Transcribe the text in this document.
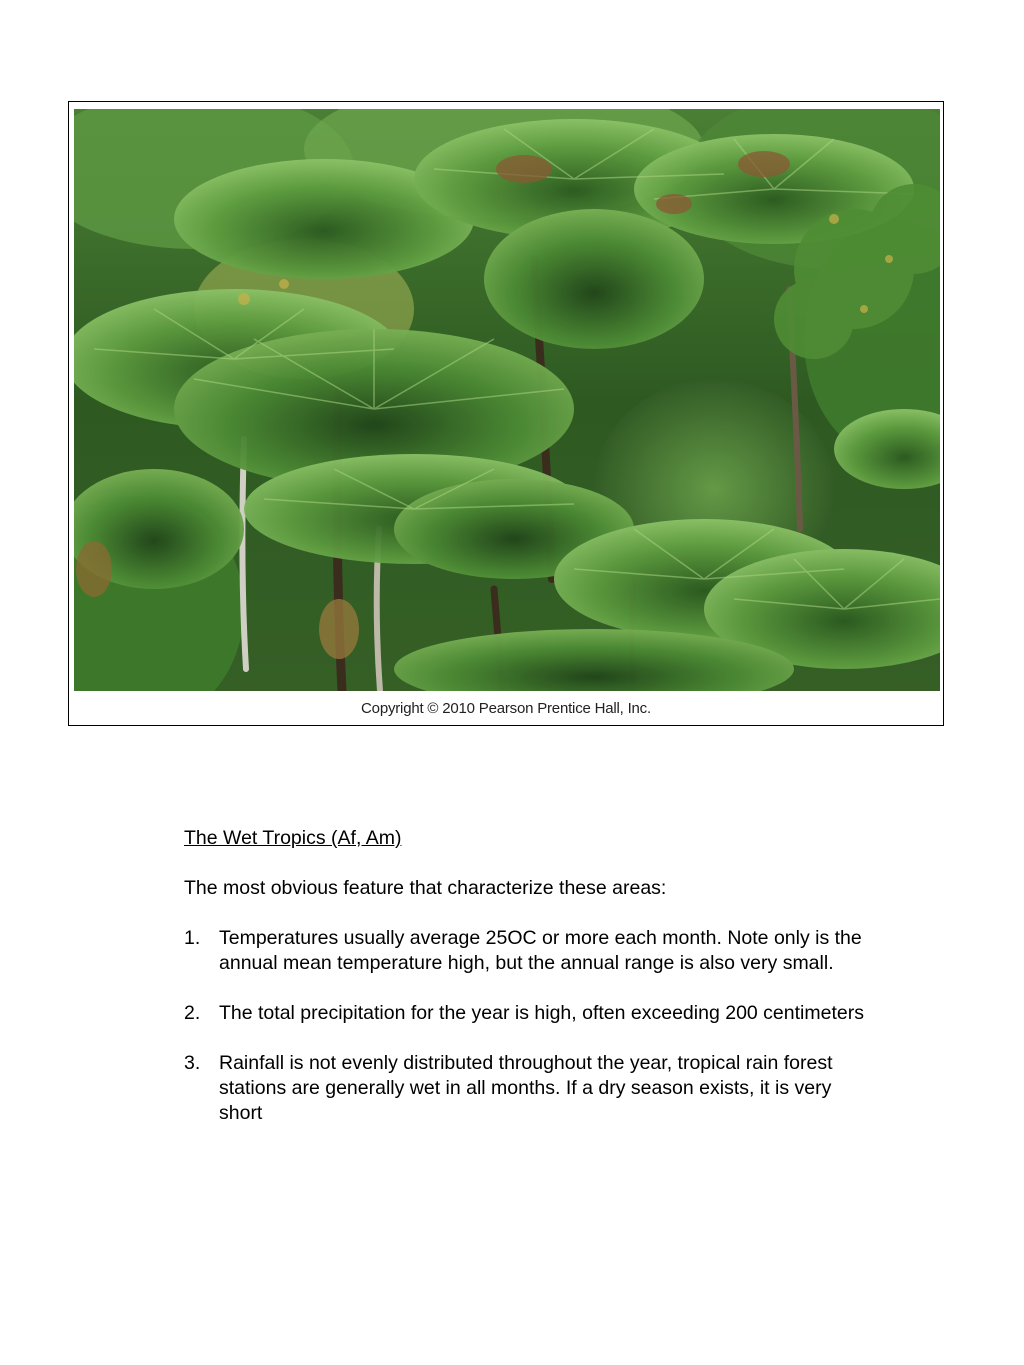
Copyright © 2010 Pearson Prentice Hall, Inc.
The Wet Tropics (Af, Am)
The most obvious feature that characterize these areas:
1. Temperatures usually average 25OC or more each month. Note only is the annual mean temperature high, but the annual range is also very small.
2. The total precipitation for the year is high, often exceeding 200 centimeters
3. Rainfall is not evenly distributed throughout the year, tropical rain forest stations are generally wet in all months. If a dry season exists, it is very short
